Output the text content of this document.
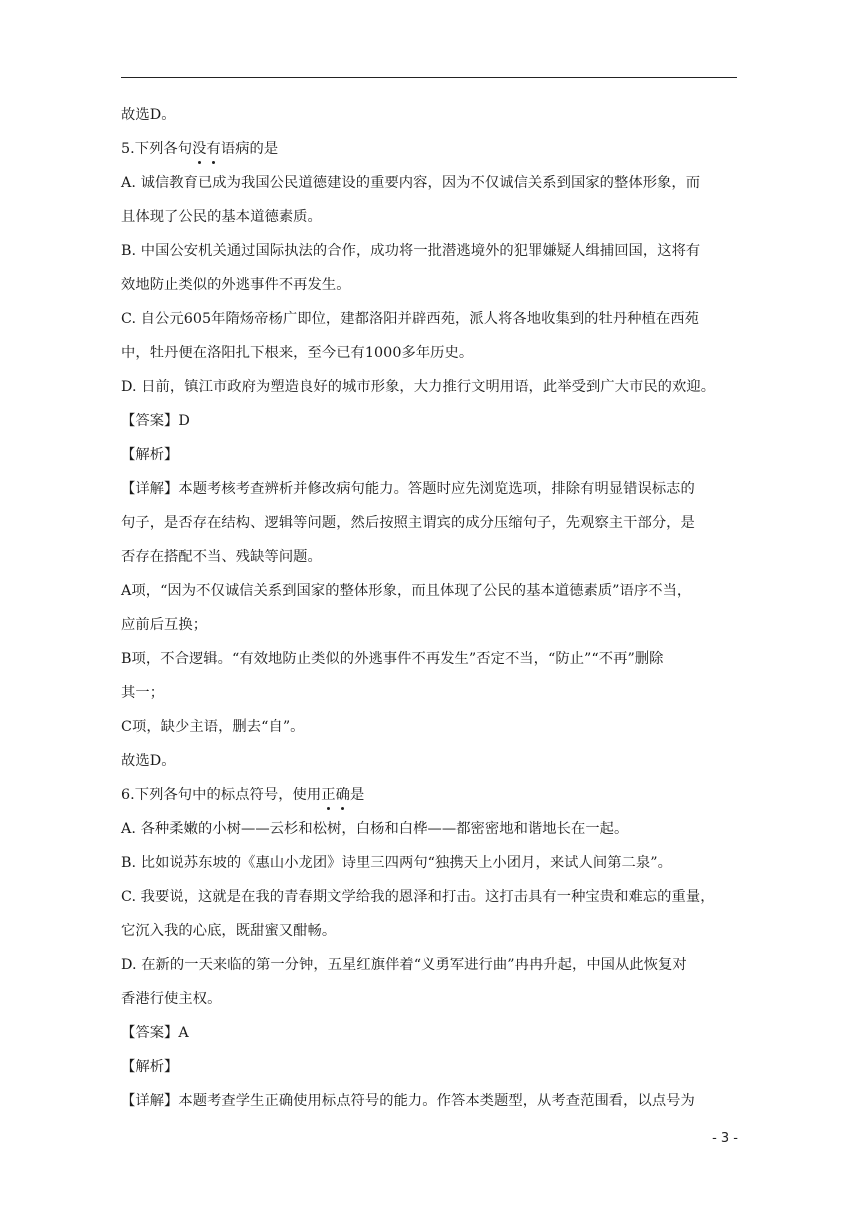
故选D。
5.下列各句没有语病的是
A. 诚信教育已成为我国公民道德建设的重要内容，因为不仅诚信关系到国家的整体形象，而
且体现了公民的基本道德素质。
B. 中国公安机关通过国际执法的合作，成功将一批潜逃境外的犯罪嫌疑人缉捕回国，这将有
效地防止类似的外逃事件不再发生。
C. 自公元605年隋炀帝杨广即位，建都洛阳并辟西苑，派人将各地收集到的牡丹种植在西苑
中，牡丹便在洛阳扎下根来，至今已有1000多年历史。
D. 日前，镇江市政府为塑造良好的城市形象，大力推行文明用语，此举受到广大市民的欢迎。
【答案】D
【解析】
【详解】本题考核考查辨析并修改病句能力。答题时应先浏览选项，排除有明显错误标志的
句子，是否存在结构、逻辑等问题，然后按照主谓宾的成分压缩句子，先观察主干部分，是
否存在搭配不当、残缺等问题。
A项，“因为不仅诚信关系到国家的整体形象，而且体现了公民的基本道德素质”语序不当，
应前后互换；
B项，不合逻辑。“有效地防止类似的外逃事件不再发生”否定不当，“防止”“不再”删除
其一；
C项，缺少主语，删去“自”。
故选D。
6.下列各句中的标点符号，使用正确是
A. 各种柔嫩的小树——云杉和松树，白杨和白桦——都密密地和谐地长在一起。
B. 比如说苏东坡的《惠山小龙团》诗里三四两句“独携天上小团月，来试人间第二泉”。
C. 我要说，这就是在我的青春期文学给我的恩泽和打击。这打击具有一种宝贵和难忘的重量，
它沉入我的心底，既甜蜜又酣畅。
D. 在新的一天来临的第一分钟，五星红旗伴着“义勇军进行曲”冉冉升起，中国从此恢复对
香港行使主权。
【答案】A
【解析】
【详解】本题考查学生正确使用标点符号的能力。作答本类题型，从考查范围看，以点号为
- 3 -
